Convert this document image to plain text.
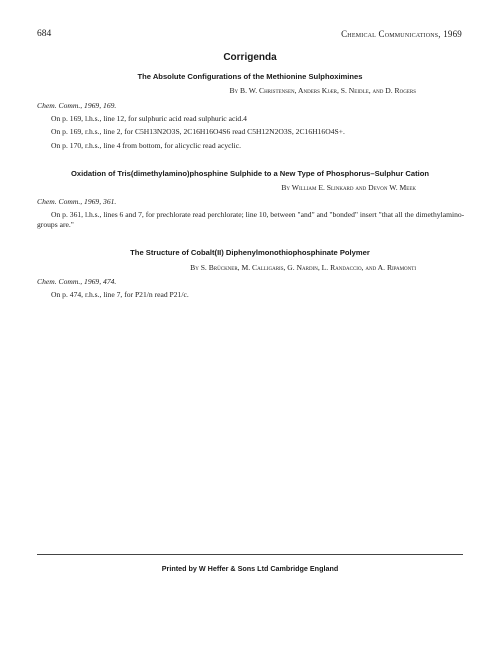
684	Chemical Communications, 1969
Corrigenda
The Absolute Configurations of the Methionine Sulphoximines
By B. W. Christensen, Anders Kjær, S. Neidle, and D. Rogers
Chem. Comm., 1969, 169.
On p. 169, l.h.s., line 12, for sulphuric acid read sulphuric acid.4
On p. 169, r.h.s., line 2, for C5H13N2O3S, 2C16H16O4S6 read C5H12N2O3S, 2C16H16O4S+.
On p. 170, r.h.s., line 4 from bottom, for alicyclic read acyclic.
Oxidation of Tris(dimethylamino)phosphine Sulphide to a New Type of Phosphorus–Sulphur Cation
By William E. Slinkard and Devon W. Meek
Chem. Comm., 1969, 361.
On p. 361, l.h.s., lines 6 and 7, for prechlorate read perchlorate; line 10, between "and" and "bonded" insert "that all the dimethylamino-groups are."
The Structure of Cobalt(II) Diphenylmonothiophosphinate Polymer
By S. Brückner, M. Calligaris, G. Nardin, L. Randaccio, and A. Ripamonti
Chem. Comm., 1969, 474.
On p. 474, r.h.s., line 7, for P21/n read P21/c.
Printed by W Heffer & Sons Ltd Cambridge England
